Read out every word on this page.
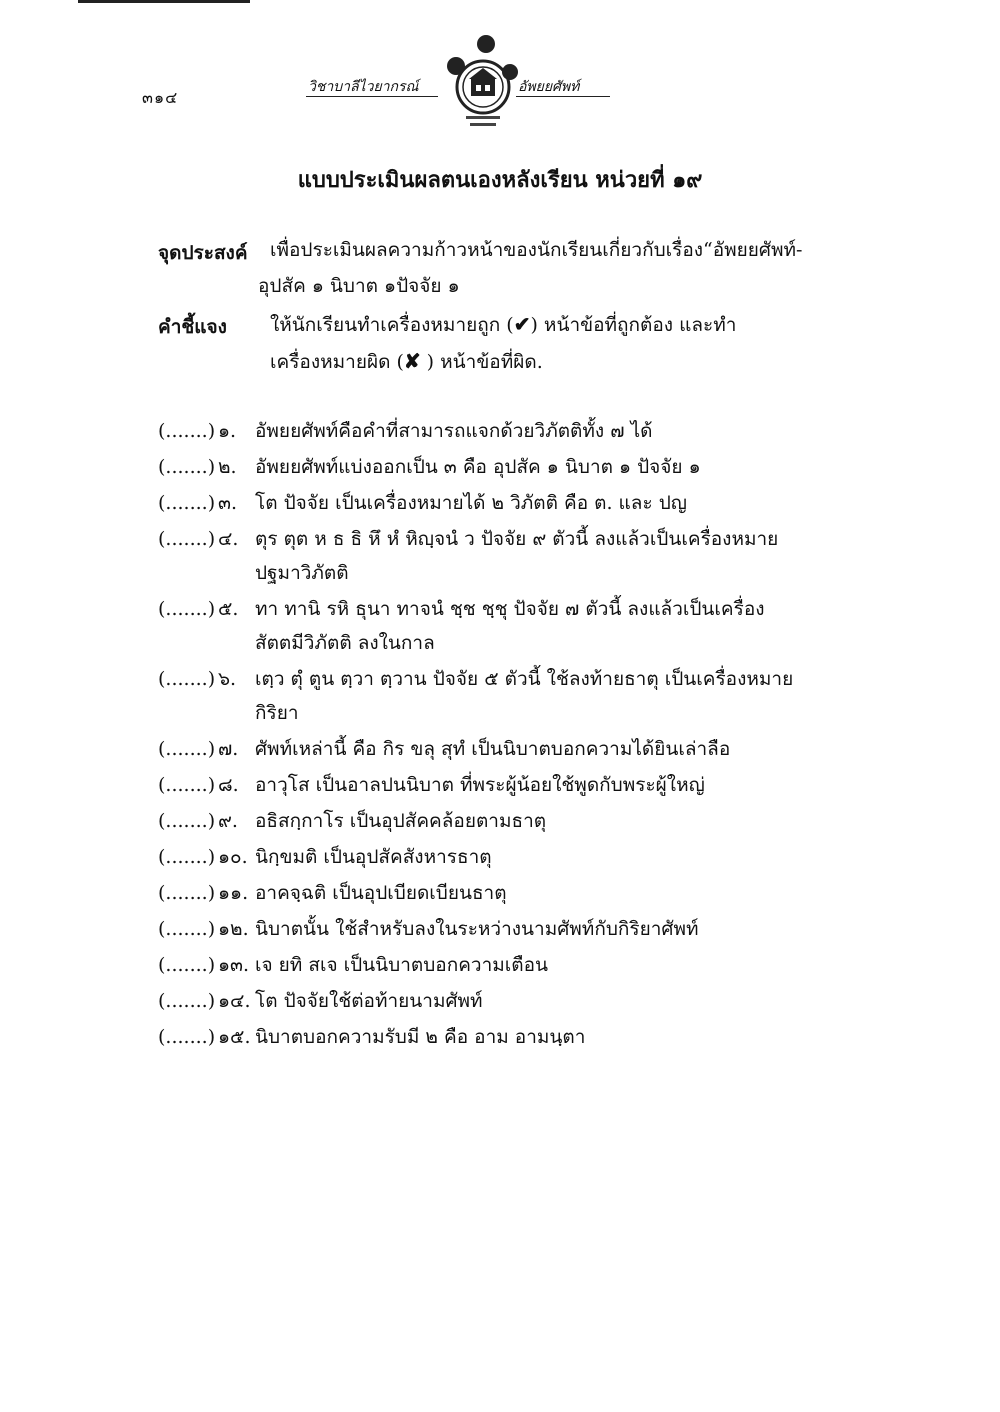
๓๑๔
วิชาบาลีไวยากรณ์	อัพยยศัพท์
แบบประเมินผลตนเองหลังเรียน หน่วยที่ ๑๙
จุดประสงค์ เพื่อประเมินผลความก้าวหน้าของนักเรียนเกี่ยวกับเรื่อง“อัพยยศัพท์-
อุปสัค ๑ นิบาต ๑ปัจจัย ๑
คำชี้แจง ให้นักเรียนทำเครื่องหมายถูก (✔) หน้าข้อที่ถูกต้อง และทำ
เครื่องหมายผิด (✘ ) หน้าข้อที่ผิด.
(.......) ๑. อัพยยศัพท์คือคำที่สามารถแจกด้วยวิภัตติทั้ง ๗ ได้
(.......) ๒. อัพยยศัพท์แบ่งออกเป็น ๓ คือ อุปสัค ๑ นิบาต ๑ ปัจจัย ๑
(.......) ๓. โต ปัจจัย เป็นเครื่องหมายได้ ๒ วิภัตติ คือ ต. และ ปญ
(.......) ๔. ตุร ตุต ห ธ ธิ หึ หํ หิญฺจนํ ว ปัจจัย ๙ ตัวนี้ ลงแล้วเป็นเครื่องหมาย
ปฐมาวิภัตติ
(.......) ๕. ทา ทานิ รหิ ธุนา ทาจนํ ชฺช ชฺชุ ปัจจัย ๗ ตัวนี้ ลงแล้วเป็นเครื่อง
สัตตมีวิภัตติ ลงในกาล
(.......) ๖. เตฺว ตุํ ตูน ตฺวา ตฺวาน ปัจจัย ๕ ตัวนี้ ใช้ลงท้ายธาตุ เป็นเครื่องหมาย
กิริยา
(.......) ๗. ศัพท์เหล่านี้ คือ กิร ขลุ สุทํ เป็นนิบาตบอกความได้ยินเล่าลือ
(.......) ๘. อาวุโส เป็นอาลปนนิบาต ที่พระผู้น้อยใช้พูดกับพระผู้ใหญ่
(.......) ๙. อธิสกฺกาโร เป็นอุปสัคคล้อยตามธาตุ
(.......) ๑๐. นิกฺขมติ เป็นอุปสัคสังหารธาตุ
(.......) ๑๑. อาคจฺฉติ เป็นอุปเบียดเบียนธาตุ
(.......) ๑๒. นิบาตนั้น ใช้สำหรับลงในระหว่างนามศัพท์กับกิริยาศัพท์
(.......) ๑๓. เจ ยทิ สเจ เป็นนิบาตบอกความเตือน
(.......) ๑๔. โต ปัจจัยใช้ต่อท้ายนามศัพท์
(.......) ๑๕. นิบาตบอกความรับมี ๒ คือ อาม อามนฺตา
